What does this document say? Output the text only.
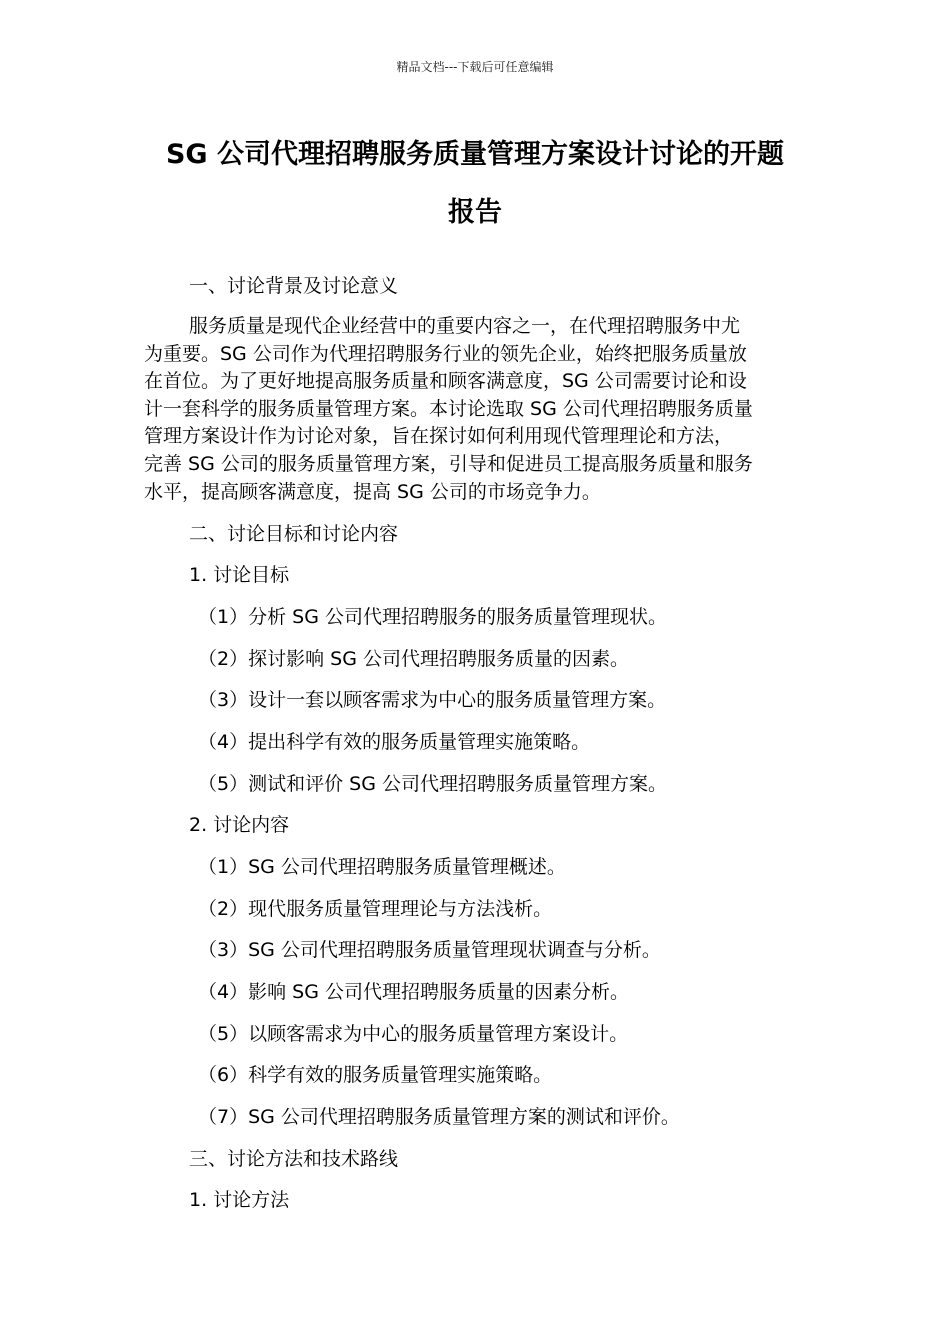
精品文档---下载后可任意编辑
SG 公司代理招聘服务质量管理方案设计讨论的开题
报告
一、讨论背景及讨论意义
服务质量是现代企业经营中的重要内容之一，在代理招聘服务中尤
为重要。SG 公司作为代理招聘服务行业的领先企业，始终把服务质量放
在首位。为了更好地提高服务质量和顾客满意度，SG 公司需要讨论和设
计一套科学的服务质量管理方案。本讨论选取 SG 公司代理招聘服务质量
管理方案设计作为讨论对象，旨在探讨如何利用现代管理理论和方法，
完善 SG 公司的服务质量管理方案，引导和促进员工提高服务质量和服务
水平，提高顾客满意度，提高 SG 公司的市场竞争力。
二、讨论目标和讨论内容
1. 讨论目标
（1）分析 SG 公司代理招聘服务的服务质量管理现状。
（2）探讨影响 SG 公司代理招聘服务质量的因素。
（3）设计一套以顾客需求为中心的服务质量管理方案。
（4）提出科学有效的服务质量管理实施策略。
（5）测试和评价 SG 公司代理招聘服务质量管理方案。
2. 讨论内容
（1）SG 公司代理招聘服务质量管理概述。
（2）现代服务质量管理理论与方法浅析。
（3）SG 公司代理招聘服务质量管理现状调查与分析。
（4）影响 SG 公司代理招聘服务质量的因素分析。
（5）以顾客需求为中心的服务质量管理方案设计。
（6）科学有效的服务质量管理实施策略。
（7）SG 公司代理招聘服务质量管理方案的测试和评价。
三、讨论方法和技术路线
1. 讨论方法
